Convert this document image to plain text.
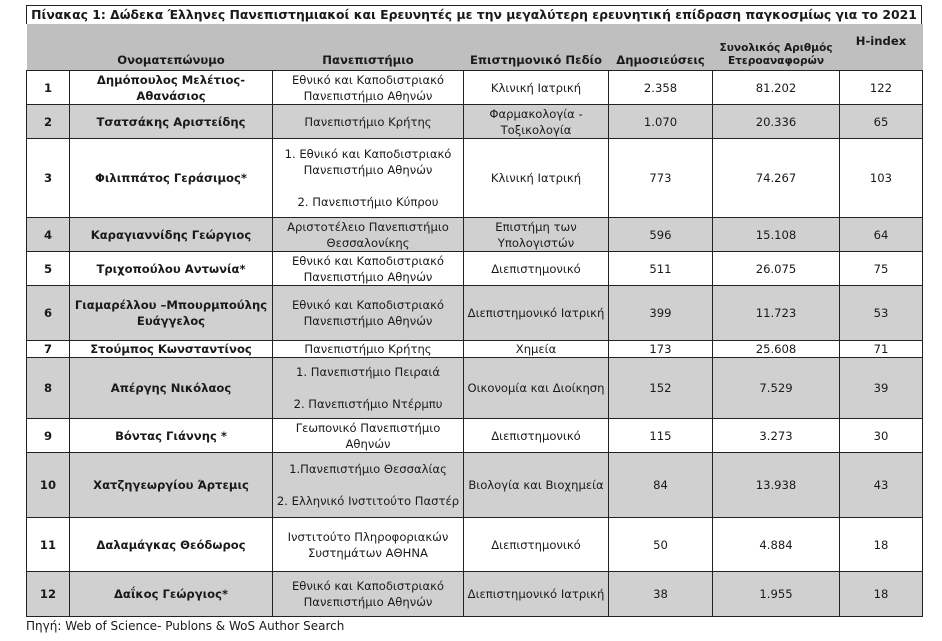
Πίνακας 1: Δώδεκα Έλληνες Πανεπιστημιακοί και Ερευνητές με την μεγαλύτερη ερευνητική επίδραση παγκοσμίως για το 2021
	Ονοματεπώνυμο	Πανεπιστήμιο	Επιστημονικό Πεδίο	Δημοσιεύσεις	Συνολικός Αριθμός Ετεροαναφορών	H-index
1	Δημόπουλος Μελέτιος-Αθανάσιος	Εθνικό και Καποδιστριακό Πανεπιστήμιο Αθηνών	Κλινική Ιατρική	2.358	81.202	122
2	Τσατσάκης Αριστείδης	Πανεπιστήμιο Κρήτης	Φαρμακολογία - Τοξικολογία	1.070	20.336	65
3	Φιλιππάτος Γεράσιμος*	1. Εθνικό και Καποδιστριακό Πανεπιστήμιο Αθηνών
2. Πανεπιστήμιο Κύπρου	Κλινική Ιατρική	773	74.267	103
4	Καραγιαννίδης Γεώργιος	Αριστοτέλειο Πανεπιστήμιο Θεσσαλονίκης	Επιστήμη των Υπολογιστών	596	15.108	64
5	Τριχοπούλου Αντωνία*	Εθνικό και Καποδιστριακό Πανεπιστήμιο Αθηνών	Διεπιστημονικό	511	26.075	75
6	Γιαμαρέλλου –Μπουρμπούλης Ευάγγελος	Εθνικό και Καποδιστριακό Πανεπιστήμιο Αθηνών	Διεπιστημονικό Ιατρική	399	11.723	53
7	Στούμπος Κωνσταντίνος	Πανεπιστήμιο Κρήτης	Χημεία	173	25.608	71
8	Απέργης Νικόλαος	1. Πανεπιστήμιο Πειραιά
2. Πανεπιστήμιο Ντέρμπυ	Οικονομία και Διοίκηση	152	7.529	39
9	Βόντας Γιάννης *	Γεωπονικό Πανεπιστήμιο Αθηνών	Διεπιστημονικό	115	3.273	30
10	Χατζηγεωργίου Άρτεμις	1.Πανεπιστήμιο Θεσσαλίας
2. Ελληνικό Ινστιτούτο Παστέρ	Βιολογία και Βιοχημεία	84	13.938	43
11	Δαλαμάγκας Θεόδωρος	Ινστιτούτο Πληροφοριακών Συστημάτων ΑΘΗΝΑ	Διεπιστημονικό	50	4.884	18
12	Δαΐκος Γεώργιος*	Εθνικό και Καποδιστριακό Πανεπιστήμιο Αθηνών	Διεπιστημονικό Ιατρική	38	1.955	18
Πηγή: Web of Science- Publons & WoS Author Search
